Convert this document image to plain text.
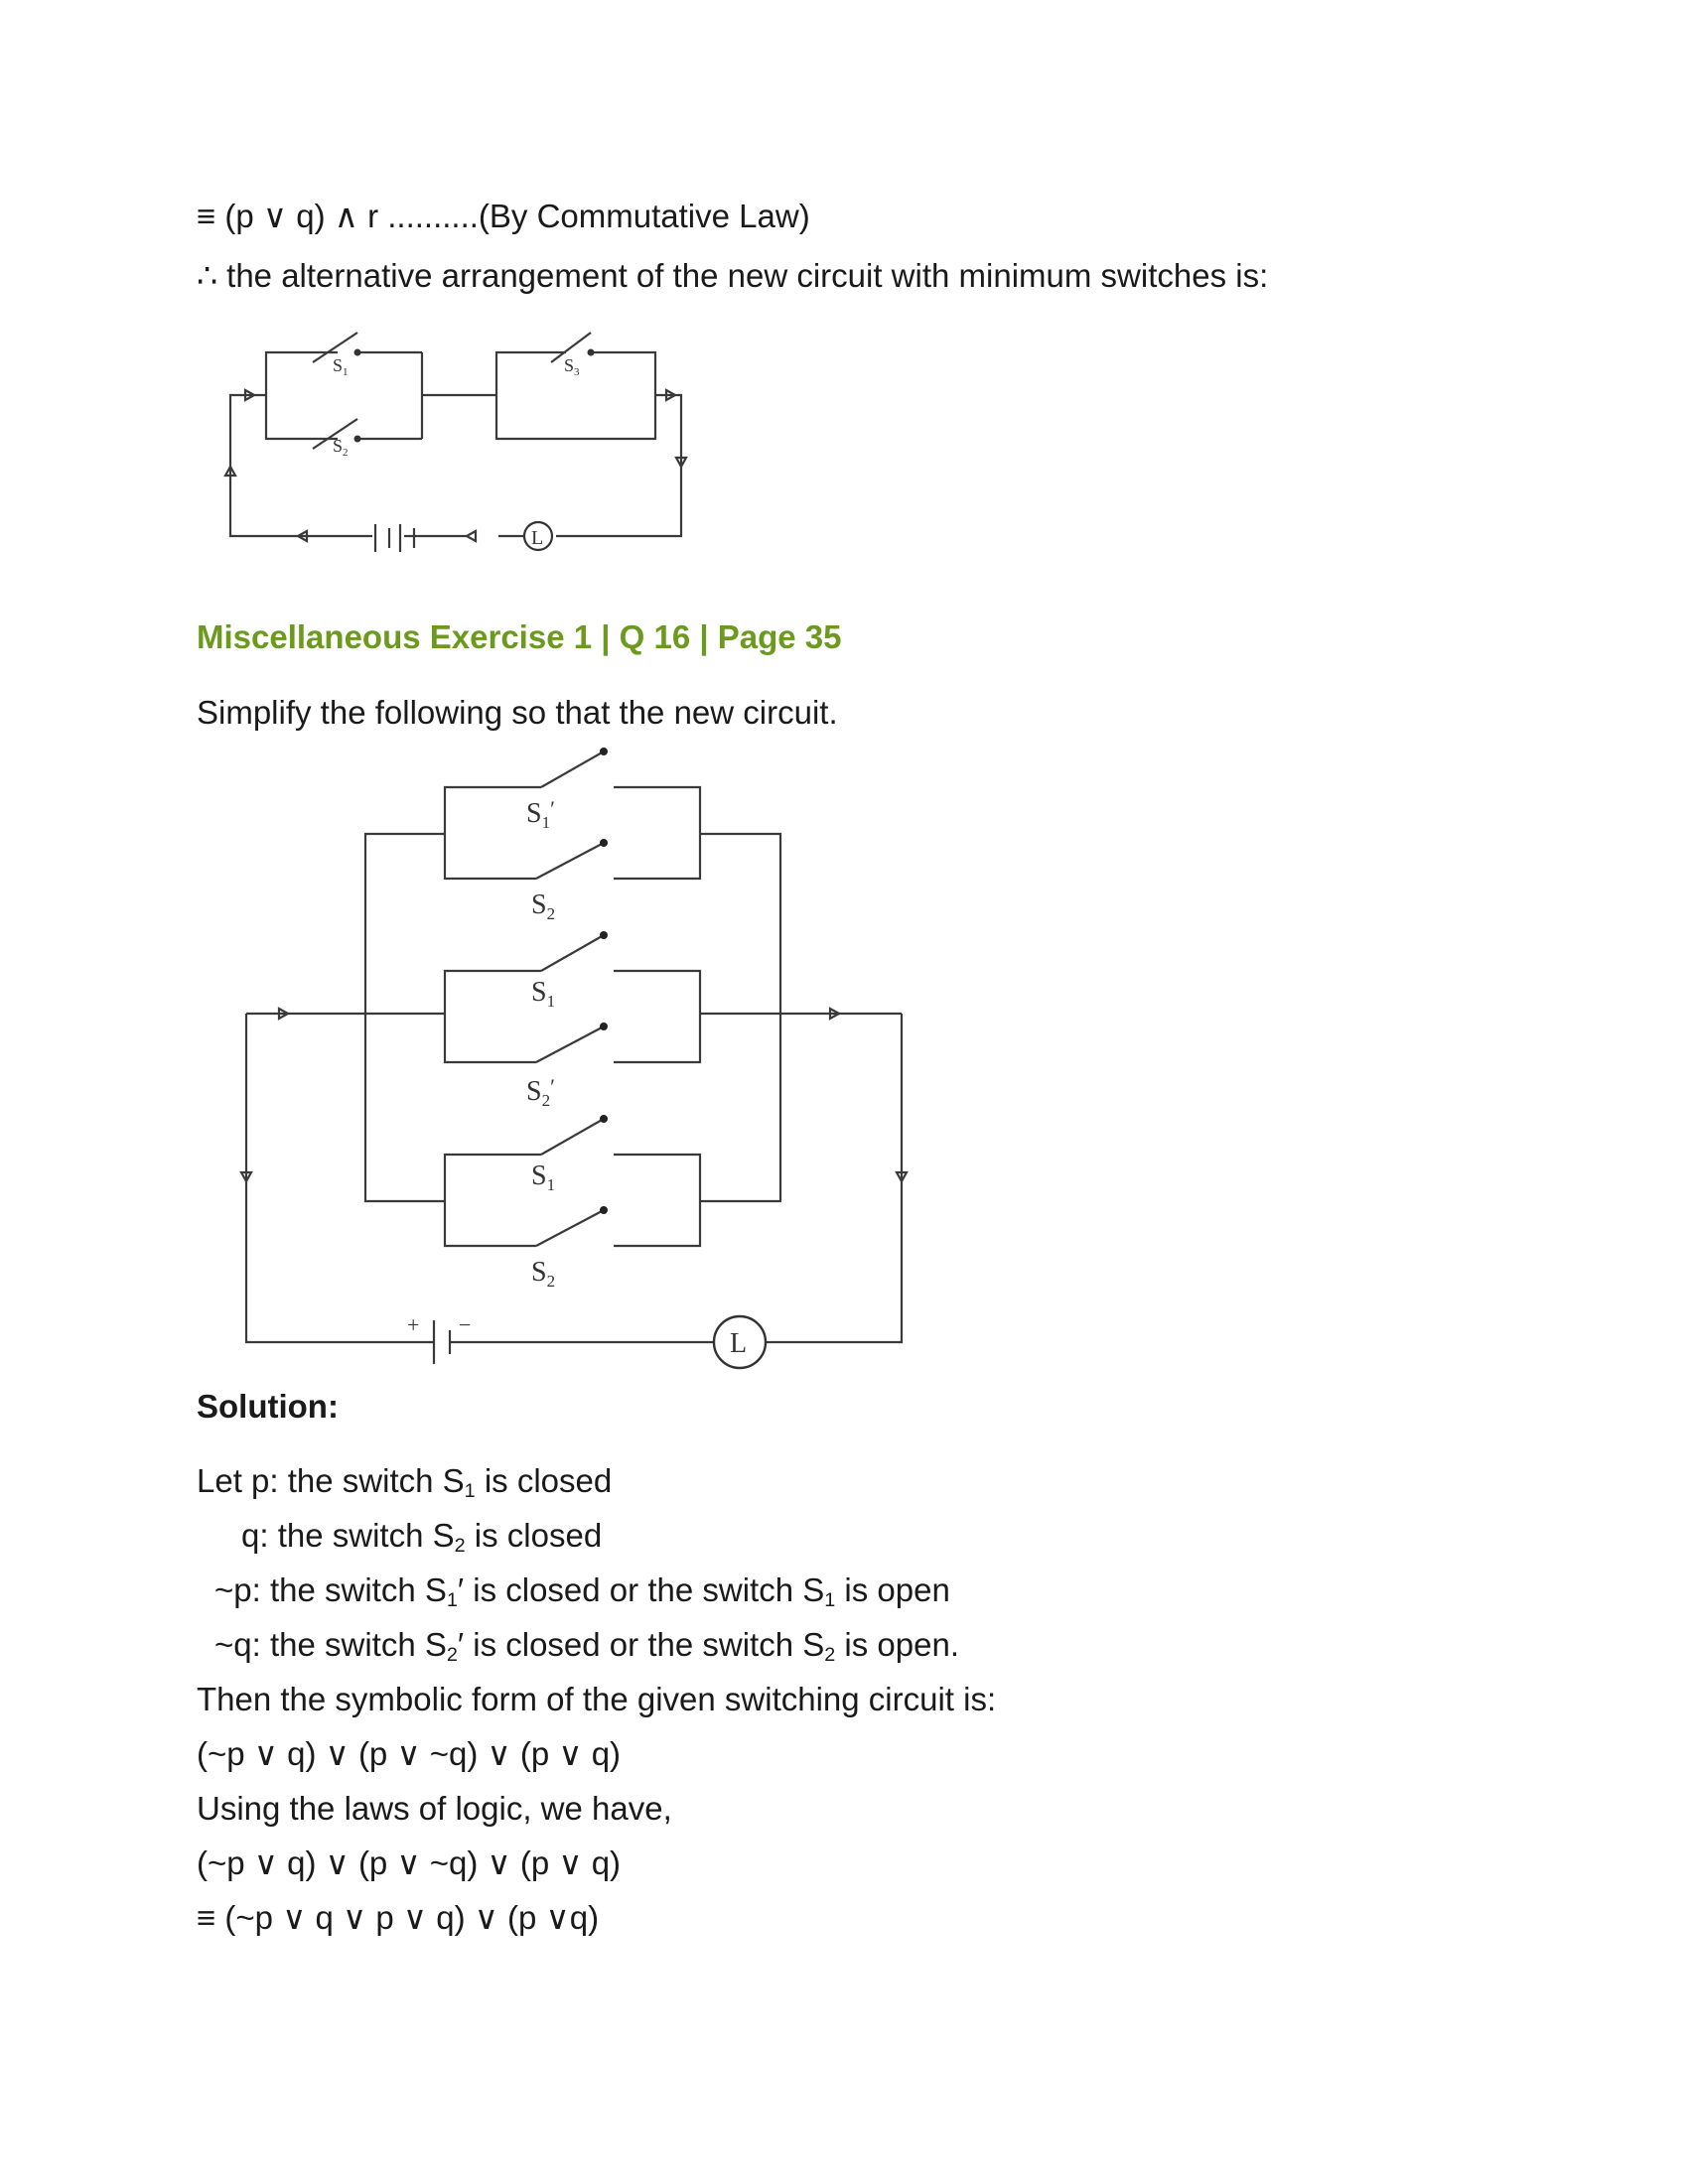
≡ (p ∨ q) ∧ r ..........(By Commutative Law)
∴ the alternative arrangement of the new circuit with minimum switches is:
L
$S_1$
$S_2$
$S_3$
Miscellaneous Exercise 1 | Q 16 | Page 35
Simplify the following so that the new circuit.
L
+ −
$S_1'$
$S_2$
$S_1$
$S_2'$
$S_1$
$S_2$
Solution:
Let p: the switch $S_1$ is closed
q: the switch $S_2$ is closed
~p: the switch $S_1'$ is closed or the switch $S_1$ is open
~q: the switch $S_2'$ is closed or the switch $S_2$ is open.
Then the symbolic form of the given switching circuit is:
(~p ∨ q) ∨ (p ∨ ~q) ∨ (p ∨ q)
Using the laws of logic, we have,
(~p ∨ q) ∨ (p ∨ ~q) ∨ (p ∨ q)
≡ (~p ∨ q ∨ p ∨ q) ∨ (p ∨q)
